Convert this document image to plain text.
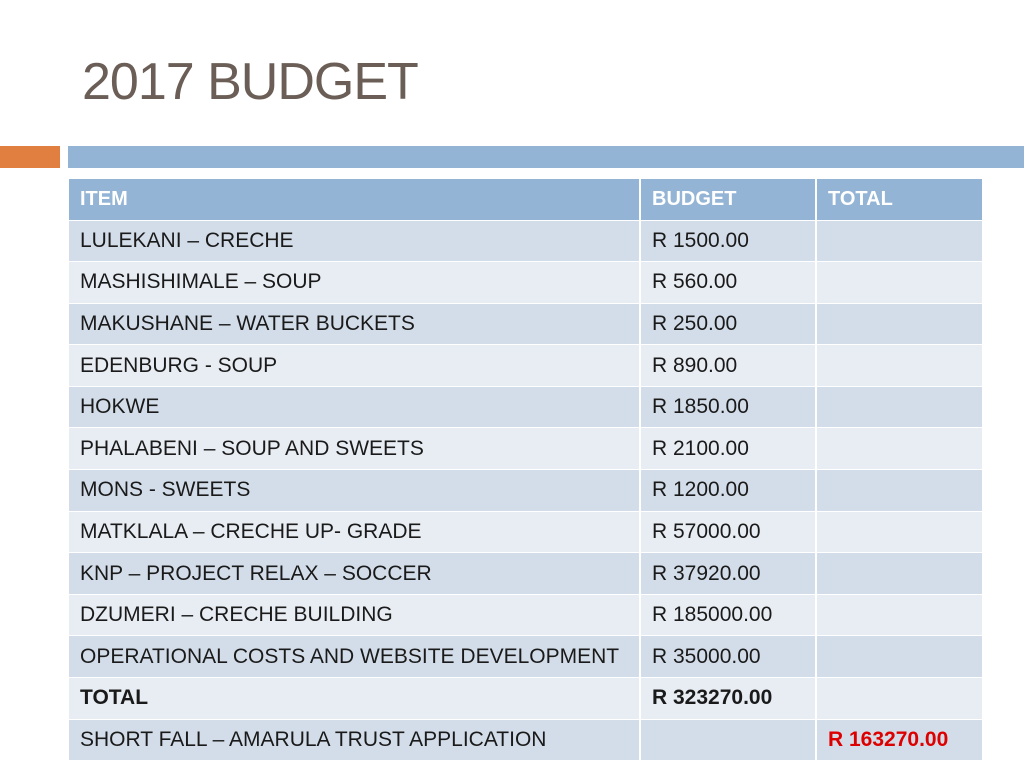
2017 BUDGET
ITEM	BUDGET	TOTAL
LULEKANI – CRECHE	R 1500.00	
MASHISHIMALE – SOUP	R 560.00	
MAKUSHANE – WATER BUCKETS	R 250.00	
EDENBURG - SOUP	R 890.00	
HOKWE	R 1850.00	
PHALABENI – SOUP AND SWEETS	R 2100.00	
MONS - SWEETS	R 1200.00	
MATKLALA – CRECHE UP- GRADE	R 57000.00	
KNP – PROJECT RELAX – SOCCER	R 37920.00	
DZUMERI – CRECHE BUILDING	R 185000.00	
OPERATIONAL COSTS AND WEBSITE DEVELOPMENT	R 35000.00	
TOTAL	R 323270.00	
SHORT FALL – AMARULA TRUST APPLICATION		R 163270.00
